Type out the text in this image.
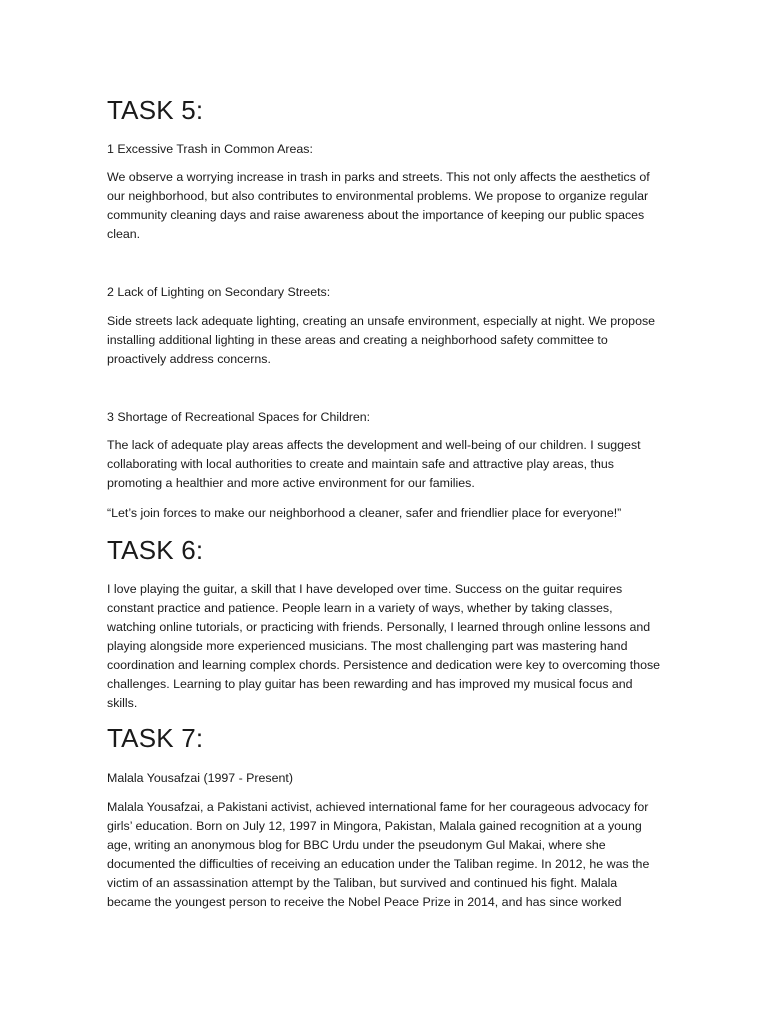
TASK 5:

1 Excessive Trash in Common Areas:

We observe a worrying increase in trash in parks and streets. This not only affects the aesthetics of our neighborhood, but also contributes to environmental problems. We propose to organize regular community cleaning days and raise awareness about the importance of keeping our public spaces clean.

2 Lack of Lighting on Secondary Streets:

Side streets lack adequate lighting, creating an unsafe environment, especially at night. We propose installing additional lighting in these areas and creating a neighborhood safety committee to proactively address concerns.

3 Shortage of Recreational Spaces for Children:

The lack of adequate play areas affects the development and well-being of our children. I suggest collaborating with local authorities to create and maintain safe and attractive play areas, thus promoting a healthier and more active environment for our families.

“Let’s join forces to make our neighborhood a cleaner, safer and friendlier place for everyone!”

TASK 6:

I love playing the guitar, a skill that I have developed over time. Success on the guitar requires constant practice and patience. People learn in a variety of ways, whether by taking classes, watching online tutorials, or practicing with friends. Personally, I learned through online lessons and playing alongside more experienced musicians. The most challenging part was mastering hand coordination and learning complex chords. Persistence and dedication were key to overcoming those challenges. Learning to play guitar has been rewarding and has improved my musical focus and skills.

TASK 7:

Malala Yousafzai (1997 - Present)

Malala Yousafzai, a Pakistani activist, achieved international fame for her courageous advocacy for girls’ education. Born on July 12, 1997 in Mingora, Pakistan, Malala gained recognition at a young age, writing an anonymous blog for BBC Urdu under the pseudonym Gul Makai, where she documented the difficulties of receiving an education under the Taliban regime. In 2012, he was the victim of an assassination attempt by the Taliban, but survived and continued his fight. Malala became the youngest person to receive the Nobel Peace Prize in 2014, and has since worked
